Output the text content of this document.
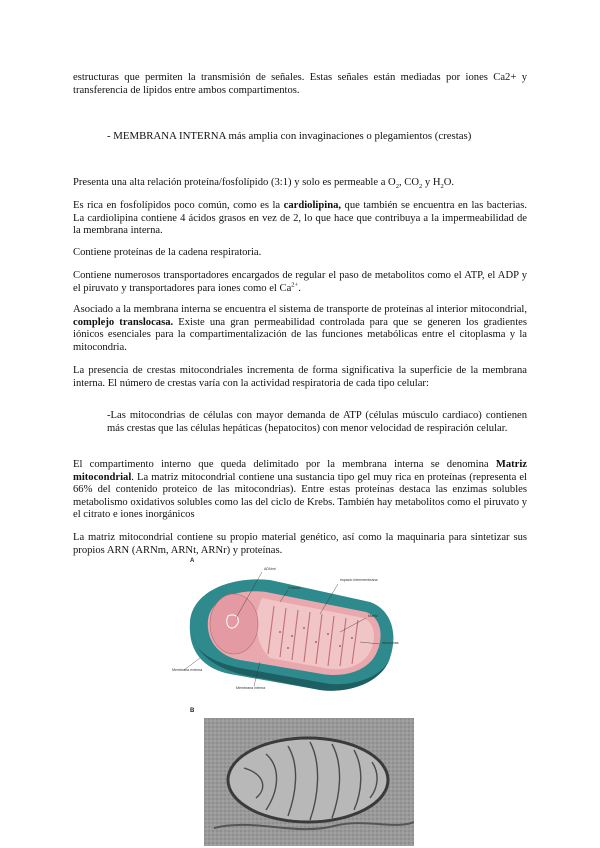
estructuras que permiten la transmisión de señales. Estas señales están mediadas por iones Ca2+ y transferencia de lípidos entre ambos compartimentos.

- MEMBRANA INTERNA más amplia con invaginaciones o plegamientos (crestas)

Presenta una alta relación proteína/fosfolípido (3:1) y solo es permeable a $O_2$, $CO_2$ y $H_2O$.

Es rica en fosfolípidos poco común, como es la cardiolipina, que también se encuentra en las bacterias. La cardiolipina contiene 4 ácidos grasos en vez de 2, lo que hace que contribuya a la impermeabilidad de la membrana interna.

Contiene proteínas de la cadena respiratoria.

Contiene numerosos transportadores encargados de regular el paso de metabolitos como el ATP, el ADP y el piruvato y transportadores para iones como el $Ca^{2+}$.

Asociado a la membrana interna se encuentra el sistema de transporte de proteínas al interior mitocondrial, complejo translocasa. Existe una gran permeabilidad controlada para que se generen los gradientes iónicos esenciales para la compartimentalización de las funciones metabólicas entre el citoplasma y la mitocondria.

La presencia de crestas mitocondriales incrementa de forma significativa la superficie de la membrana interna. El número de crestas varía con la actividad respiratoria de cada tipo celular:

-Las mitocondrias de células con mayor demanda de ATP (células músculo cardiaco) contienen más crestas que las células hepáticas (hepatocitos) con menor velocidad de respiración celular.

El compartimento interno que queda delimitado por la membrana interna se denomina Matriz mitocondrial. La matriz mitocondrial contiene una sustancia tipo gel muy rica en proteínas (representa el 66% del contenido proteico de las mitocondrias). Entre estas proteínas destaca las enzimas solubles metabolismo oxidativos solubles como las del ciclo de Krebs. También hay metabolitos como el piruvato y el citrato e iones inorgánicos

La matriz mitocondrial contiene su propio material genético, así como la maquinaria para sintetizar sus propios ARN (ARNm, ARNt, ARNr) y proteínas.

A
ADNmt
Crestas
espacio intermembrana
Matriz
ribosomas
Membrana externa
Membrana interna
B
